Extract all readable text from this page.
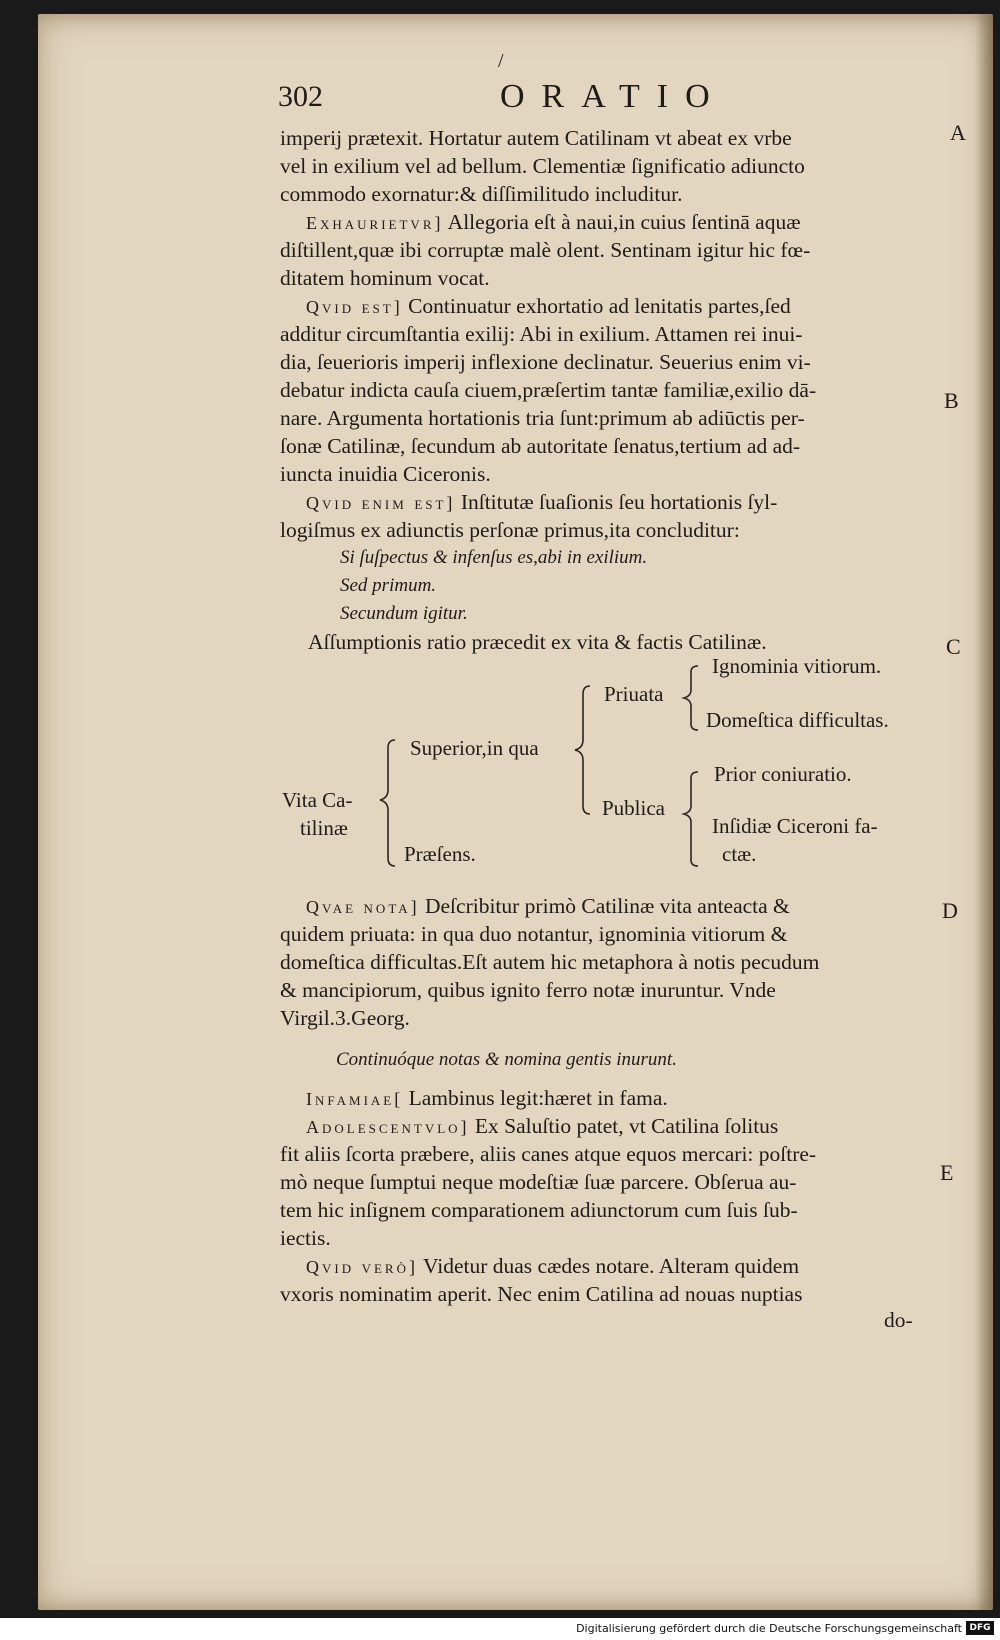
/
302	ORATIO
A
B
C
D
E
imperij prætexit. Hortatur autem Catilinam vt abeat ex vrbe
vel in exilium vel ad bellum. Clementiæ ſignificatio adiuncto
commodo exornatur:& diſſimilitudo includitur.
Exhaurietvr] Allegoria eſt à naui,in cuius ſentinā aquæ
diſtillent,quæ ibi corruptæ malè olent. Sentinam igitur hic fœ-
ditatem hominum vocat.
Qvid est] Continuatur exhortatio ad lenitatis partes,ſed
additur circumſtantia exilij: Abi in exilium. Attamen rei inui-
dia, ſeuerioris imperij inflexione declinatur. Seuerius enim vi-
debatur indicta cauſa ciuem,præſertim tantæ familiæ,exilio dā-
nare. Argumenta hortationis tria ſunt:primum ab adiūctis per-
ſonæ Catilinæ, ſecundum ab autoritate ſenatus,tertium ad ad-
iuncta inuidia Ciceronis.
Qvid enim est] Inſtitutæ ſuaſionis ſeu hortationis ſyl-
logiſmus ex adiunctis perſonæ primus,ita concluditur:
Si ſuſpectus & infenſus es,abi in exilium.
Sed primum.
Secundum igitur.
Aſſumptionis ratio præcedit ex vita & factis Catilinæ.
Vita Ca-
tilinæ
Superior,in qua
Præſens.
Priuata
Publica
Ignominia vitiorum.
Domeſtica difficultas.
Prior coniuratio.
Inſidiæ Ciceroni fa-
ctæ.
Qvae nota] Deſcribitur primò Catilinæ vita anteacta &
quidem priuata: in qua duo notantur, ignominia vitiorum &
domeſtica difficultas.Eſt autem hic metaphora à notis pecudum
& mancipiorum, quibus ignito ferro notæ inuruntur. Vnde
Virgil.3.Georg.
Continuóque notas & nomina gentis inurunt.
Infamiae[ Lambinus legit:hæret in fama.
Adolescentvlo] Ex Saluſtio patet, vt Catilina ſolitus
fit aliis ſcorta præbere, aliis canes atque equos mercari: poſtre-
mò neque ſumptui neque modeſtiæ ſuæ parcere. Obſerua au-
tem hic inſignem comparationem adiunctorum cum ſuis ſub-
iectis.
Qvid verò] Videtur duas cædes notare. Alteram quidem
vxoris nominatim aperit. Nec enim Catilina ad nouas nuptias
do-
Digitalisierung gefördert durch die Deutsche Forschungsgemeinschaft DFG
